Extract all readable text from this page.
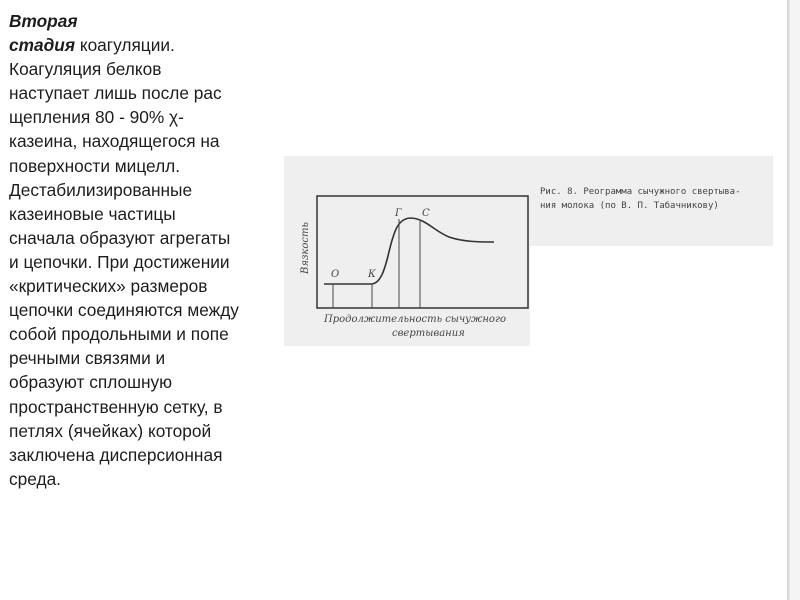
Вторая
стадия коагуляции.
Коагуляция белков
наступает лишь после рас
щепления 80 - 90% χ-
казеина, находящегося на
поверхности мицелл.
Дестабилизированные
казеиновые частицы
сначала образуют агрегаты
и цепочки. При достижении
«критических» размеров
цепочки соединяются между
собой продольными и попе
речными связями и
образуют сплошную
пространственную сетку, в
петлях (ячейках) которой
заключена дисперсионная
среда.
О	К
Г С
Вязкость
Продолжительность сычужного
свертывания
Рис. 8. Реограмма сычужного свертыва-
ния молока (по В. П. Табачникову)
